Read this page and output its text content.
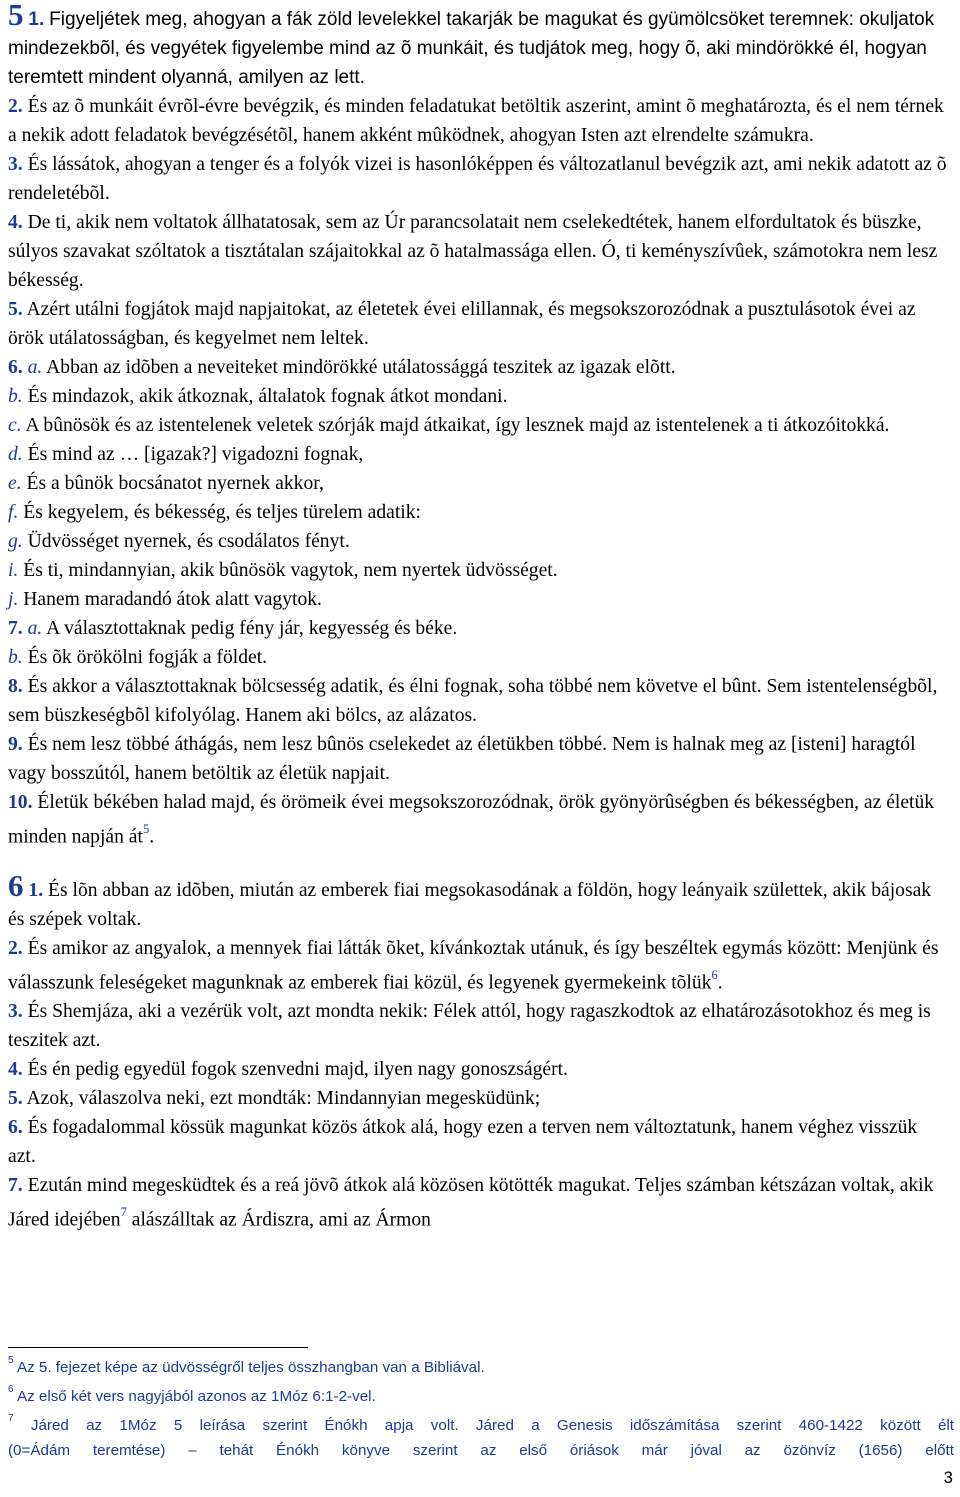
5 1. Figyeljétek meg, ahogyan a fák zöld levelekkel takarják be magukat és gyümölcsöket teremnek: okuljatok mindezekbõl, és vegyétek figyelembe mind az õ munkáit, és tudjátok meg, hogy õ, aki mindörökké él, hogyan teremtett mindent olyanná, amilyen az lett.

2. És az õ munkáit évrõl-évre bevégzik, és minden feladatukat betöltik aszerint, amint õ meghatározta, és el nem térnek a nekik adott feladatok bevégzésétõl, hanem akként mûködnek, ahogyan Isten azt elrendelte számukra.

3. És lássátok, ahogyan a tenger és a folyók vizei is hasonlóképpen és változatlanul bevégzik azt, ami nekik adatott az õ rendeletébõl.

4. De ti, akik nem voltatok állhatatosak, sem az Úr parancsolatait nem cselekedtétek, hanem elfordultatok és büszke, súlyos szavakat szóltatok a tisztátalan szájaitokkal az õ hatalmassága ellen. Ó, ti keményszívûek, számotokra nem lesz békesség.

5. Azért utálni fogjátok majd napjaitokat, az életetek évei elillannak, és megsokszorozódnak a pusztulásotok évei az örök utálatosságban, és kegyelmet nem leltek.

6. a. Abban az idõben a neveiteket mindörökké utálatossággá teszitek az igazak elõtt.

b. És mindazok, akik átkoznak, általatok fognak átkot mondani.

c. A bûnösök és az istentelenek veletek szórják majd átkaikat, így lesznek majd az istentelenek a ti átkozóitokká.

d. És mind az … [igazak?] vigadozni fognak,

e. És a bûnök bocsánatot nyernek akkor,

f. És kegyelem, és békesség, és teljes türelem adatik:

g. Üdvösséget nyernek, és csodálatos fényt.

i. És ti, mindannyian, akik bûnösök vagytok, nem nyertek üdvösséget.

j. Hanem maradandó átok alatt vagytok.

7. a. A választottaknak pedig fény jár, kegyesség és béke.

b. És õk örökölni fogják a földet.

8. És akkor a választottaknak bölcsesség adatik, és élni fognak, soha többé nem követve el bûnt. Sem istentelenségbõl, sem büszkeségbõl kifolyólag. Hanem aki bölcs, az alázatos.

9. És nem lesz többé áthágás, nem lesz bûnös cselekedet az életükben többé. Nem is halnak meg az [isteni] haragtól vagy bosszútól, hanem betöltik az életük napjait.

10. Életük békében halad majd, és örömeik évei megsokszorozódnak, örök gyönyörûségben és békességben, az életük minden napján át$^5$.

6 1. És lõn abban az idõben, miután az emberek fiai megsokasodának a földön, hogy leányaik születtek, akik bájosak és szépek voltak.

2. És amikor az angyalok, a mennyek fiai látták õket, kívánkoztak utánuk, és így beszéltek egymás között: Menjünk és válasszunk feleségeket magunknak az emberek fiai közül, és legyenek gyermekeink tõlük$^6$.

3. És Shemjázа, aki a vezérük volt, azt mondta nekik: Félek attól, hogy ragaszkodtok az elhatározásotokhoz és meg is teszitek azt.

4. És én pedig egyedül fogok szenvedni majd, ilyen nagy gonoszságért.

5. Azok, válaszolva neki, ezt mondták: Mindannyian megesküdünk;

6. És fogadalommal kössük magunkat közös átkok alá, hogy ezen a terven nem változtatunk, hanem véghez visszük azt.

7. Ezután mind megesküdtek és a reá jövõ átkok alá közösen kötötték magukat. Teljes számban kétszázan voltak, akik Járed idejében$^7$ alászálltak az Árdiszra, ami az Ármon

$^5$ Az 5. fejezet képe az üdvösségről teljes összhangban van a Bibliával.

$^6$ Az első két vers nagyjából azonos az 1Móz 6:1-2-vel.

$^7$ Járed az 1Móz 5 leírása szerint Énókh apja volt. Járed a Genesis időszámítása szerint 460-1422 között élt

(0=Ádám teremtése) – tehát Énókh könyve szerint az első óriások már jóval az özönvíz (1656) előtt

3
